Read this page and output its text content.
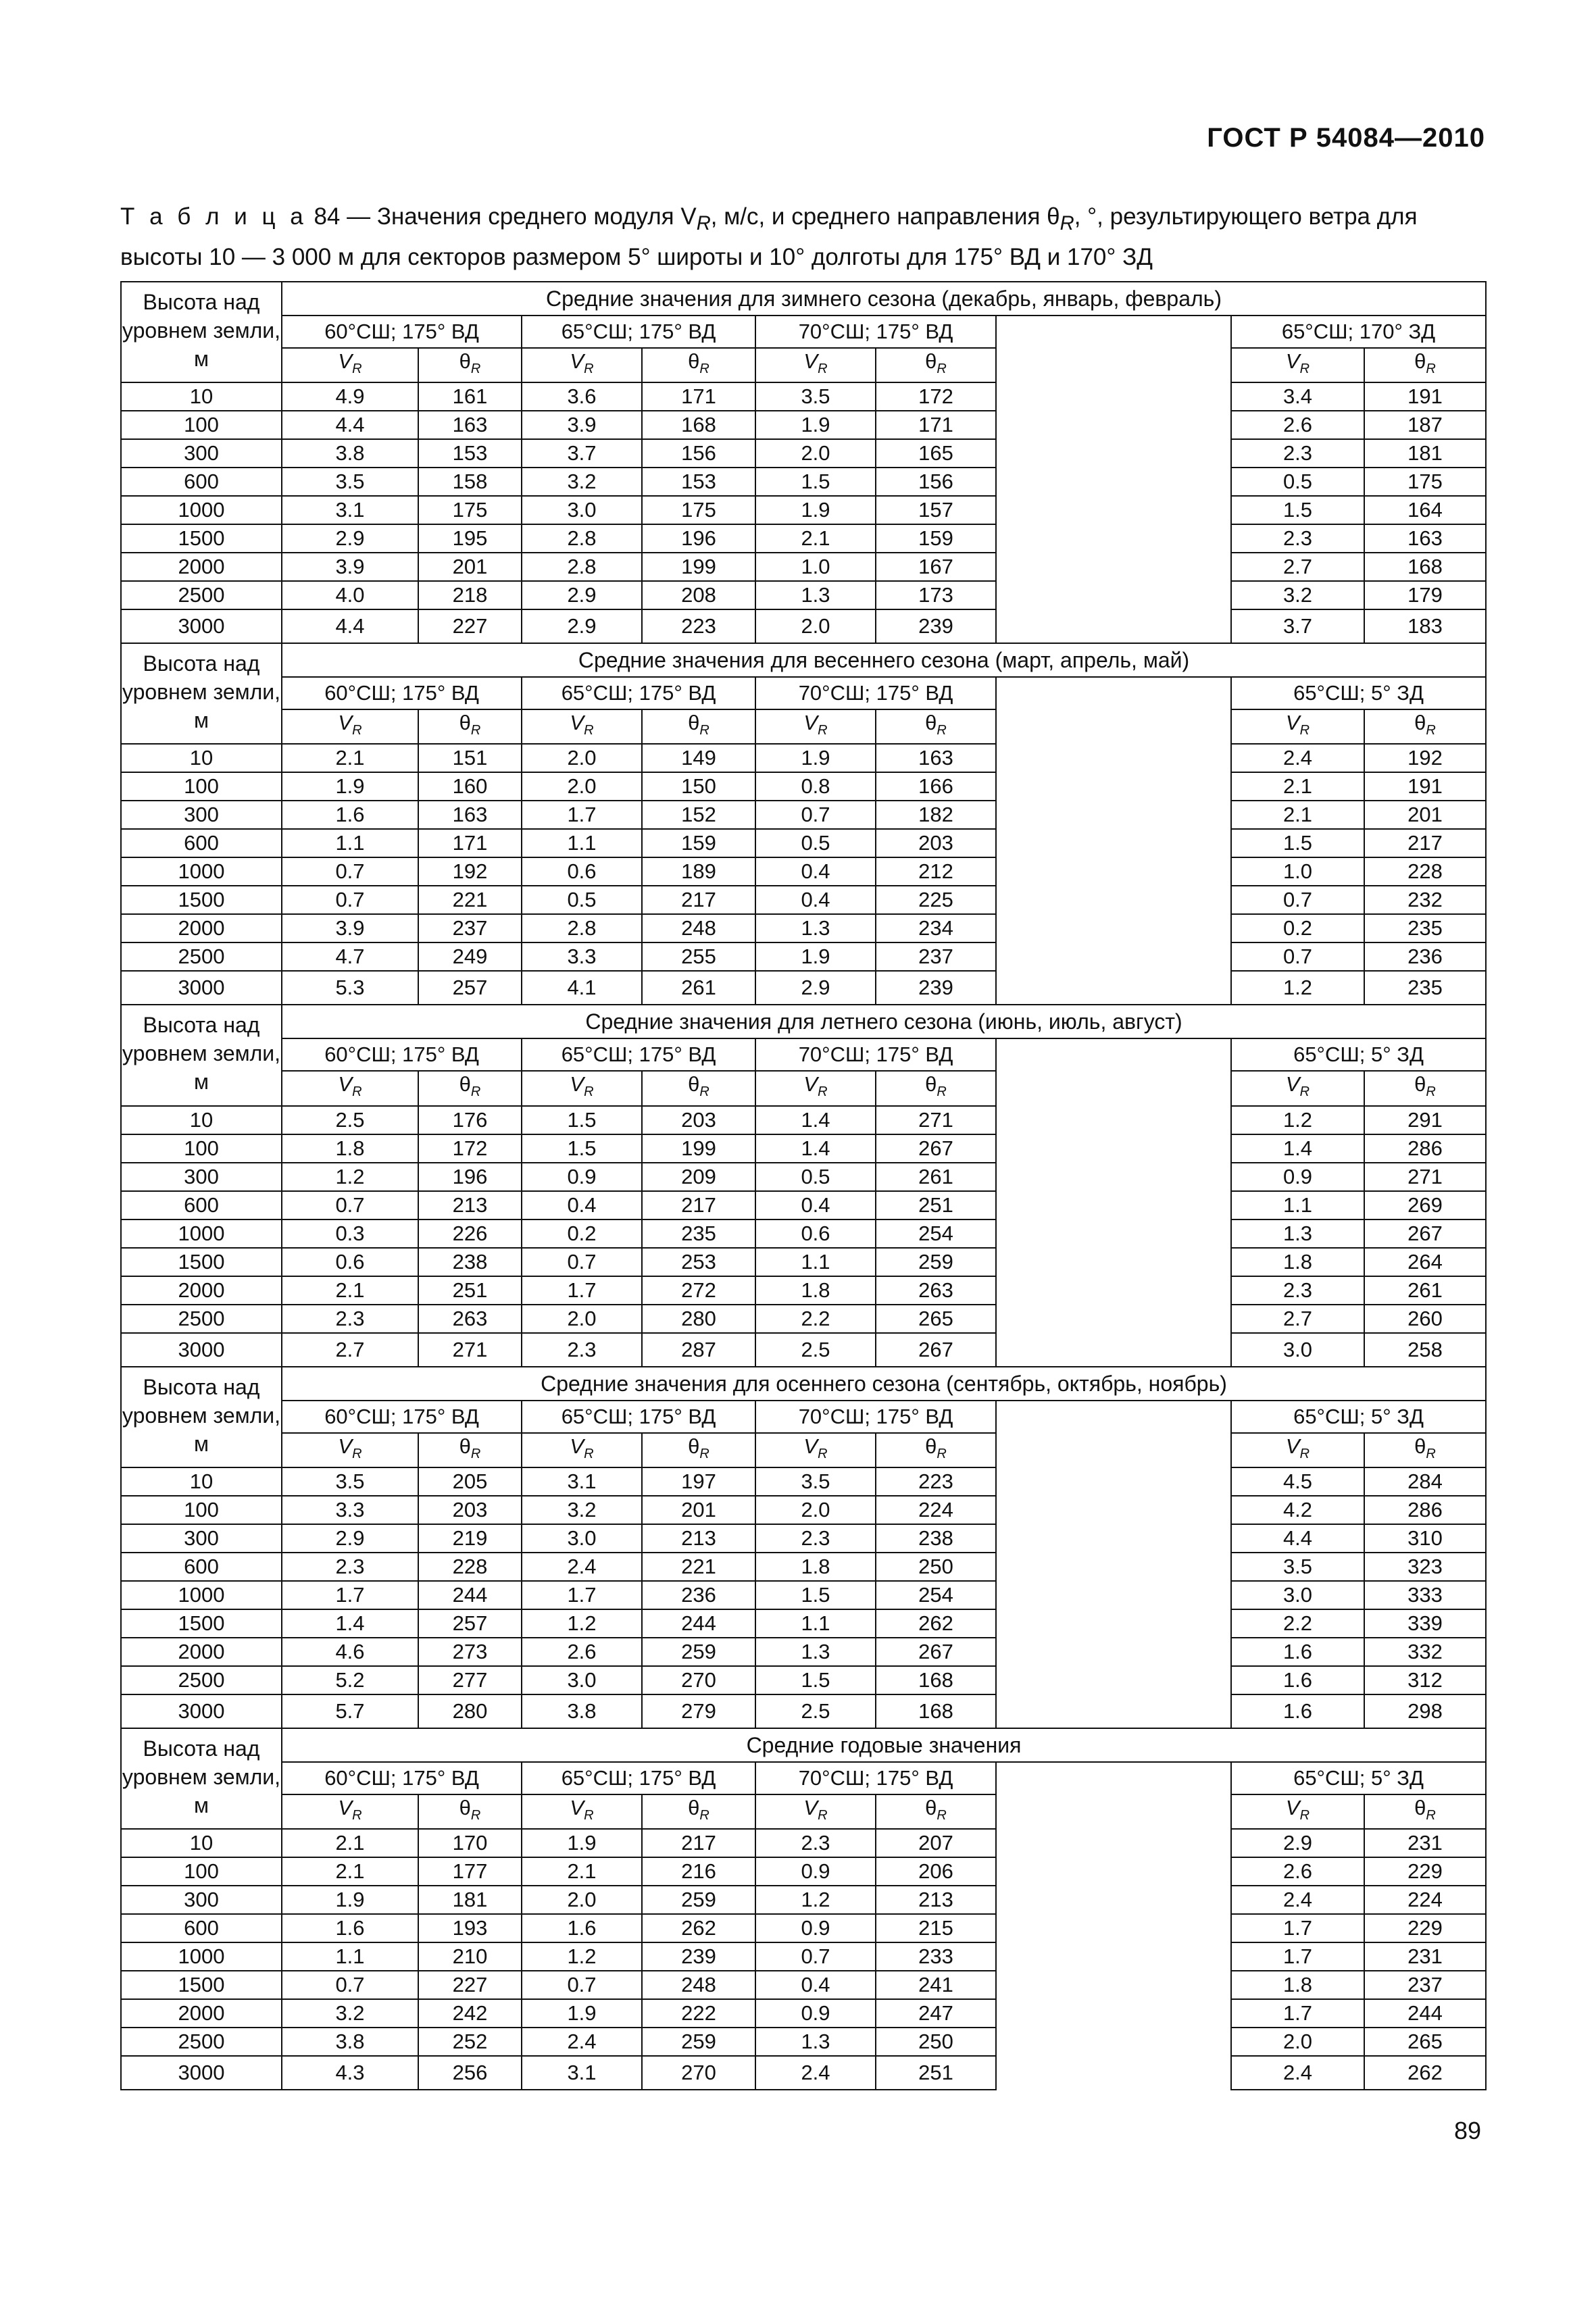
ГОСТ Р 54084—2010
Т а б л и ц а 84 — Значения среднего модуля $V_R$, м/с, и среднего направления $\theta_R$, °, результирующего ветра для высоты 10 — 3 000 м для секторов размером 5° широты и 10° долготы для 175° ВД и 170° ЗД
Высота над уровнем земли, м	Средние значения для зимнего сезона (декабрь, январь, февраль)								
	60°СШ; 175° ВД		65°СШ; 175° ВД		70°СШ; 175° ВД			65°СШ; 170° ЗД	
	$V_R$	$\theta_R$	$V_R$	$\theta_R$	$V_R$	$\theta_R$		$V_R$	$\theta_R$
10	4.9	161	3.6	171	3.5	172		3.4	191
100	4.4	163	3.9	168	1.9	171		2.6	187
300	3.8	153	3.7	156	2.0	165		2.3	181
600	3.5	158	3.2	153	1.5	156		0.5	175
1000	3.1	175	3.0	175	1.9	157		1.5	164
1500	2.9	195	2.8	196	2.1	159		2.3	163
2000	3.9	201	2.8	199	1.0	167		2.7	168
2500	4.0	218	2.9	208	1.3	173		3.2	179
3000	4.4	227	2.9	223	2.0	239		3.7	183
Высота над уровнем земли, м	Средние значения для весеннего сезона (март, апрель, май)								
	60°СШ; 175° ВД		65°СШ; 175° ВД		70°СШ; 175° ВД			65°СШ; 5° ЗД	
	$V_R$	$\theta_R$	$V_R$	$\theta_R$	$V_R$	$\theta_R$		$V_R$	$\theta_R$
10	2.1	151	2.0	149	1.9	163		2.4	192
100	1.9	160	2.0	150	0.8	166		2.1	191
300	1.6	163	1.7	152	0.7	182		2.1	201
600	1.1	171	1.1	159	0.5	203		1.5	217
1000	0.7	192	0.6	189	0.4	212		1.0	228
1500	0.7	221	0.5	217	0.4	225		0.7	232
2000	3.9	237	2.8	248	1.3	234		0.2	235
2500	4.7	249	3.3	255	1.9	237		0.7	236
3000	5.3	257	4.1	261	2.9	239		1.2	235
Высота над уровнем земли, м	Средние значения для летнего сезона (июнь, июль, август)								
	60°СШ; 175° ВД		65°СШ; 175° ВД		70°СШ; 175° ВД			65°СШ; 5° ЗД	
	$V_R$	$\theta_R$	$V_R$	$\theta_R$	$V_R$	$\theta_R$		$V_R$	$\theta_R$
10	2.5	176	1.5	203	1.4	271		1.2	291
100	1.8	172	1.5	199	1.4	267		1.4	286
300	1.2	196	0.9	209	0.5	261		0.9	271
600	0.7	213	0.4	217	0.4	251		1.1	269
1000	0.3	226	0.2	235	0.6	254		1.3	267
1500	0.6	238	0.7	253	1.1	259		1.8	264
2000	2.1	251	1.7	272	1.8	263		2.3	261
2500	2.3	263	2.0	280	2.2	265		2.7	260
3000	2.7	271	2.3	287	2.5	267		3.0	258
Высота над уровнем земли, м	Средние значения для осеннего сезона (сентябрь, октябрь, ноябрь)								
	60°СШ; 175° ВД		65°СШ; 175° ВД		70°СШ; 175° ВД			65°СШ; 5° ЗД	
	$V_R$	$\theta_R$	$V_R$	$\theta_R$	$V_R$	$\theta_R$		$V_R$	$\theta_R$
10	3.5	205	3.1	197	3.5	223		4.5	284
100	3.3	203	3.2	201	2.0	224		4.2	286
300	2.9	219	3.0	213	2.3	238		4.4	310
600	2.3	228	2.4	221	1.8	250		3.5	323
1000	1.7	244	1.7	236	1.5	254		3.0	333
1500	1.4	257	1.2	244	1.1	262		2.2	339
2000	4.6	273	2.6	259	1.3	267		1.6	332
2500	5.2	277	3.0	270	1.5	168		1.6	312
3000	5.7	280	3.8	279	2.5	168		1.6	298
Высота над уровнем земли, м	Средние годовые значения								
	60°СШ; 175° ВД		65°СШ; 175° ВД		70°СШ; 175° ВД			65°СШ; 5° ЗД	
	$V_R$	$\theta_R$	$V_R$	$\theta_R$	$V_R$	$\theta_R$		$V_R$	$\theta_R$
10	2.1	170	1.9	217	2.3	207		2.9	231
100	2.1	177	2.1	216	0.9	206		2.6	229
300	1.9	181	2.0	259	1.2	213		2.4	224
600	1.6	193	1.6	262	0.9	215		1.7	229
1000	1.1	210	1.2	239	0.7	233		1.7	231
1500	0.7	227	0.7	248	0.4	241		1.8	237
2000	3.2	242	1.9	222	0.9	247		1.7	244
2500	3.8	252	2.4	259	1.3	250		2.0	265
3000	4.3	256	3.1	270	2.4	251		2.4	262
89
